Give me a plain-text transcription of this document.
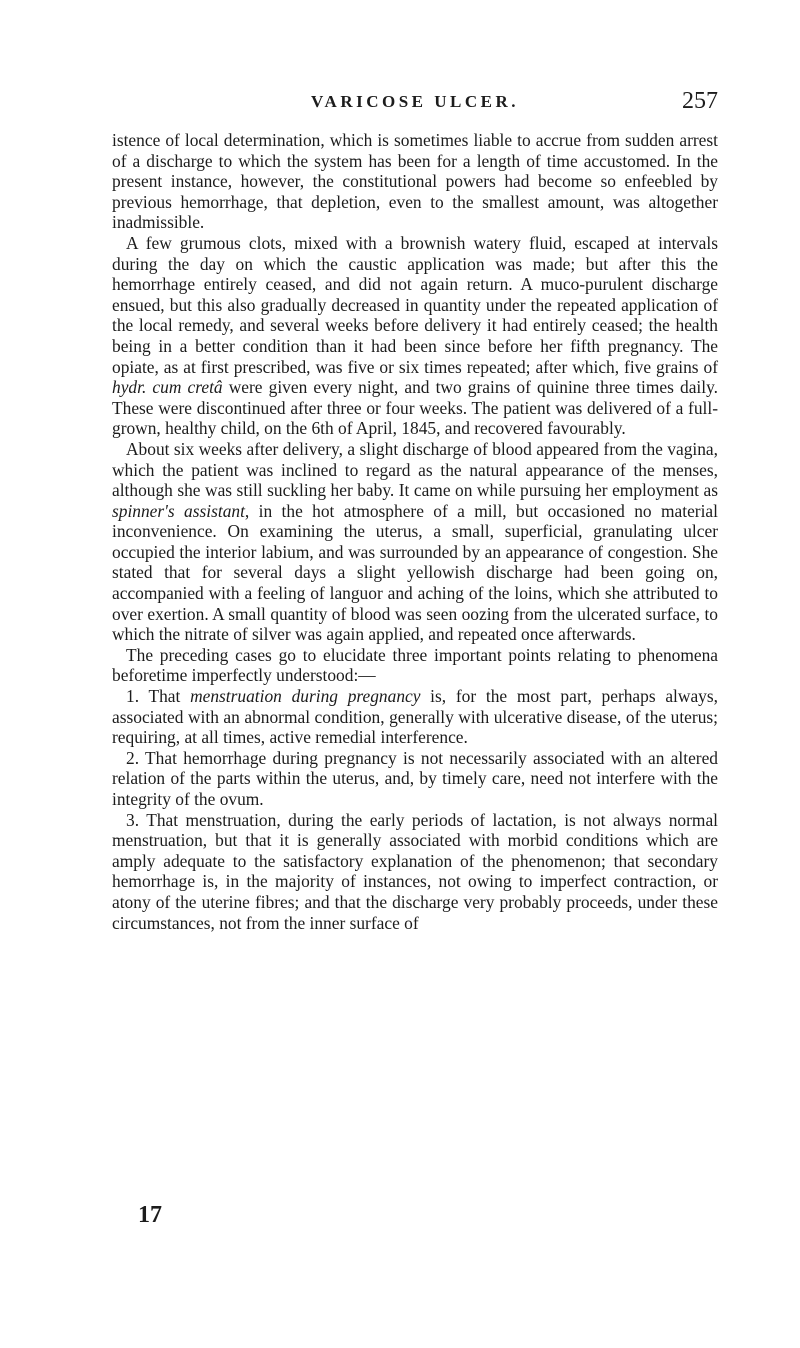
VARICOSE ULCER.	257

istence of local determination, which is sometimes liable to accrue from sudden arrest of a discharge to which the system has been for a length of time accustomed. In the present instance, however, the constitutional powers had become so enfeebled by previous hemorrhage, that depletion, even to the smallest amount, was altogether inadmissible.

A few grumous clots, mixed with a brownish watery fluid, escaped at intervals during the day on which the caustic application was made; but after this the hemorrhage entirely ceased, and did not again return. A muco-purulent discharge ensued, but this also gradually decreased in quantity under the repeated application of the local remedy, and several weeks before delivery it had entirely ceased; the health being in a better condition than it had been since before her fifth pregnancy. The opiate, as at first prescribed, was five or six times repeated; after which, five grains of hydr. cum cretâ were given every night, and two grains of quinine three times daily. These were discontinued after three or four weeks. The patient was delivered of a full-grown, healthy child, on the 6th of April, 1845, and recovered favourably.

About six weeks after delivery, a slight discharge of blood appeared from the vagina, which the patient was inclined to regard as the natural appearance of the menses, although she was still suckling her baby. It came on while pursuing her employment as spinner's assistant, in the hot atmosphere of a mill, but occasioned no material inconvenience. On examining the uterus, a small, superficial, granulating ulcer occupied the interior labium, and was surrounded by an appearance of congestion. She stated that for several days a slight yellowish discharge had been going on, accompanied with a feeling of languor and aching of the loins, which she attributed to over exertion. A small quantity of blood was seen oozing from the ulcerated surface, to which the nitrate of silver was again applied, and repeated once afterwards.

The preceding cases go to elucidate three important points relating to phenomena beforetime imperfectly understood:—

1. That menstruation during pregnancy is, for the most part, perhaps always, associated with an abnormal condition, generally with ulcerative disease, of the uterus; requiring, at all times, active remedial interference.

2. That hemorrhage during pregnancy is not necessarily associated with an altered relation of the parts within the uterus, and, by timely care, need not interfere with the integrity of the ovum.

3. That menstruation, during the early periods of lactation, is not always normal menstruation, but that it is generally associated with morbid conditions which are amply adequate to the satisfactory explanation of the phenomenon; that secondary hemorrhage is, in the majority of instances, not owing to imperfect contraction, or atony of the uterine fibres; and that the discharge very probably proceeds, under these circumstances, not from the inner surface of

17
